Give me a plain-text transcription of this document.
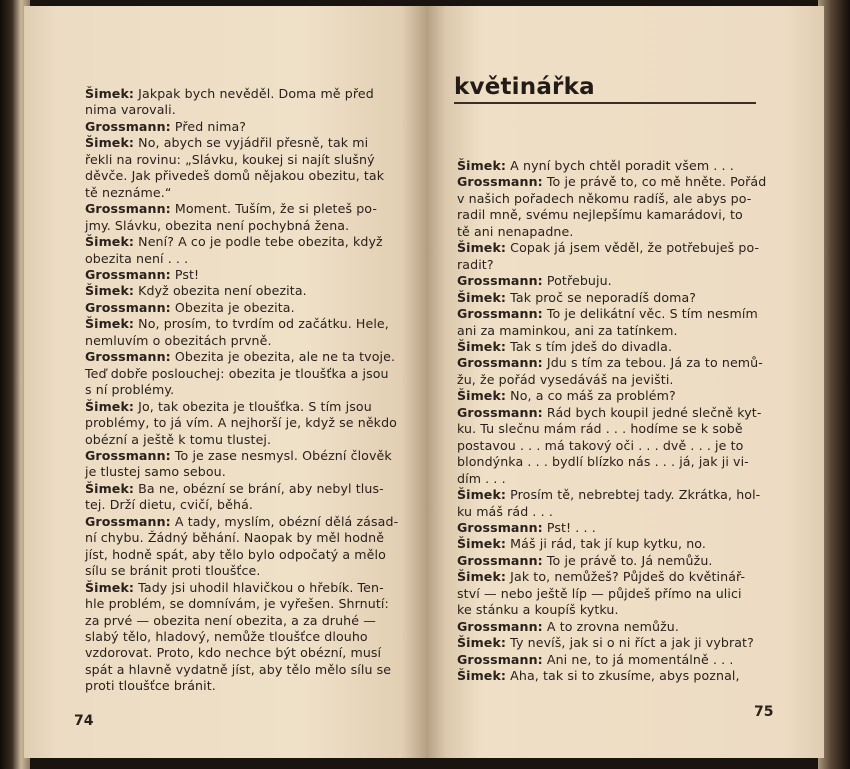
Šimek: Jakpak bych nevěděl. Doma mě před
nima varovali.
Grossmann: Před nima?
Šimek: No, abych se vyjádřil přesně, tak mi
řekli na rovinu: „Slávku, koukej si najít slušný
děvče. Jak přivedeš domů nějakou obezitu, tak
tě neznáme.“
Grossmann: Moment. Tuším, že si pleteš po-
jmy. Slávku, obezita není pochybná žena.
Šimek: Není? A co je podle tebe obezita, když
obezita není . . .
Grossmann: Pst!
Šimek: Když obezita není obezita.
Grossmann: Obezita je obezita.
Šimek: No, prosím, to tvrdím od začátku. Hele,
nemluvím o obezitách prvně.
Grossmann: Obezita je obezita, ale ne ta tvoje.
Teď dobře poslouchej: obezita je tloušťka a jsou
s ní problémy.
Šimek: Jo, tak obezita je tloušťka. S tím jsou
problémy, to já vím. A nejhorší je, když se někdo
obézní a ještě k tomu tlustej.
Grossmann: To je zase nesmysl. Obézní člověk
je tlustej samo sebou.
Šimek: Ba ne, obézní se brání, aby nebyl tlus-
tej. Drží dietu, cvičí, běhá.
Grossmann: A tady, myslím, obézní dělá zásad-
ní chybu. Žádný běhání. Naopak by měl hodně
jíst, hodně spát, aby tělo bylo odpočatý a mělo
sílu se bránit proti tloušťce.
Šimek: Tady jsi uhodil hlavičkou o hřebík. Ten-
hle problém, se domnívám, je vyřešen. Shrnutí:
za prvé — obezita není obezita, a za druhé —
slabý tělo, hladový, nemůže tloušťce dlouho
vzdorovat. Proto, kdo nechce být obézní, musí
spát a hlavně vydatně jíst, aby tělo mělo sílu se
proti tloušťce bránit.
74
květinářka
Šimek: A nyní bych chtěl poradit všem . . .
Grossmann: To je právě to, co mě hněte. Pořád
v našich pořadech někomu radíš, ale abys po-
radil mně, svému nejlepšímu kamarádovi, to
tě ani nenapadne.
Šimek: Copak já jsem věděl, že potřebuješ po-
radit?
Grossmann: Potřebuju.
Šimek: Tak proč se neporadíš doma?
Grossmann: To je delikátní věc. S tím nesmím
ani za maminkou, ani za tatínkem.
Šimek: Tak s tím jdeš do divadla.
Grossmann: Jdu s tím za tebou. Já za to nemů-
žu, že pořád vysedáváš na jevišti.
Šimek: No, a co máš za problém?
Grossmann: Rád bych koupil jedné slečně kyt-
ku. Tu slečnu mám rád . . . hodíme se k sobě
postavou . . . má takový oči . . . dvě . . . je to
blondýnka . . . bydlí blízko nás . . . já, jak ji vi-
dím . . .
Šimek: Prosím tě, nebrebtej tady. Zkrátka, hol-
ku máš rád . . .
Grossmann: Pst! . . .
Šimek: Máš ji rád, tak jí kup kytku, no.
Grossmann: To je právě to. Já nemůžu.
Šimek: Jak to, nemůžeš? Půjdeš do květinář-
ství — nebo ještě líp — půjdeš přímo na ulici
ke stánku a koupíš kytku.
Grossmann: A to zrovna nemůžu.
Šimek: Ty nevíš, jak si o ni říct a jak ji vybrat?
Grossmann: Ani ne, to já momentálně . . .
Šimek: Aha, tak si to zkusíme, abys poznal,
75
